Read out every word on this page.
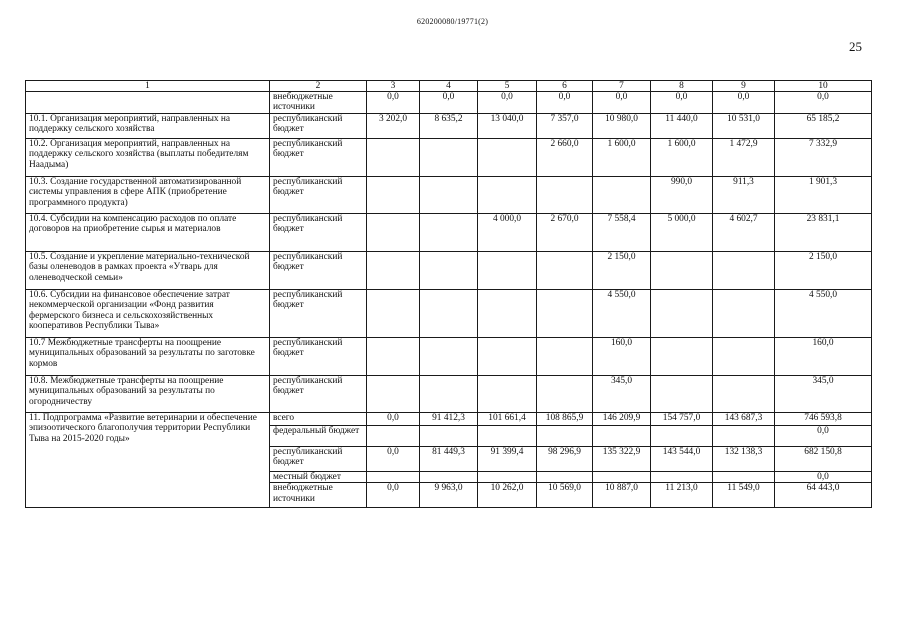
620200080/19771(2)
25
1	2	3	4	5	6	7	8	9	10
	внебюджетные источники	0,0	0,0	0,0	0,0	0,0	0,0	0,0	0,0
10.1. Организация мероприятий, направленных на поддержку сельского хозяйства	республиканский бюджет	3 202,0	8 635,2	13 040,0	7 357,0	10 980,0	11 440,0	10 531,0	65 185,2
10.2. Организация мероприятий, направленных на поддержку сельского хозяйства (выплаты победителям Наадыма)	республиканский бюджет				2 660,0	1 600,0	1 600,0	1 472,9	7 332,9
10.3. Создание государственной автоматизированной системы управления в сфере АПК (приобретение программного продукта)	республиканский бюджет						990,0	911,3	1 901,3
10.4. Субсидии на компенсацию расходов по оплате договоров на приобретение сырья и материалов	республиканский бюджет			4 000,0	2 670,0	7 558,4	5 000,0	4 602,7	23 831,1
10.5. Создание и укрепление материально-технической базы оленеводов в рамках проекта «Утварь для оленеводческой семьи»	республиканский бюджет					2 150,0			2 150,0
10.6. Субсидии на финансовое обеспечение затрат некоммерческой организации «Фонд развития фермерского бизнеса и сельскохозяйственных кооперативов Республики Тыва»	республиканский бюджет					4 550,0			4 550,0
10.7 Межбюджетные трансферты на поощрение муниципальных образований за результаты по заготовке кормов	республиканский бюджет					160,0			160,0
10.8. Межбюджетные трансферты на поощрение муниципальных образований за результаты по огородничеству	республиканский бюджет					345,0			345,0
11. Подпрограмма «Развитие ветеринарии и обеспечение эпизоотического благополучия территории Республики Тыва на 2015-2020 годы»	всего	0,0	91 412,3	101 661,4	108 865,9	146 209,9	154 757,0	143 687,3	746 593,8
	федеральный бюджет								0,0
	республиканский бюджет	0,0	81 449,3	91 399,4	98 296,9	135 322,9	143 544,0	132 138,3	682 150,8
	местный бюджет								0,0
	внебюджетные источники	0,0	9 963,0	10 262,0	10 569,0	10 887,0	11 213,0	11 549,0	64 443,0
